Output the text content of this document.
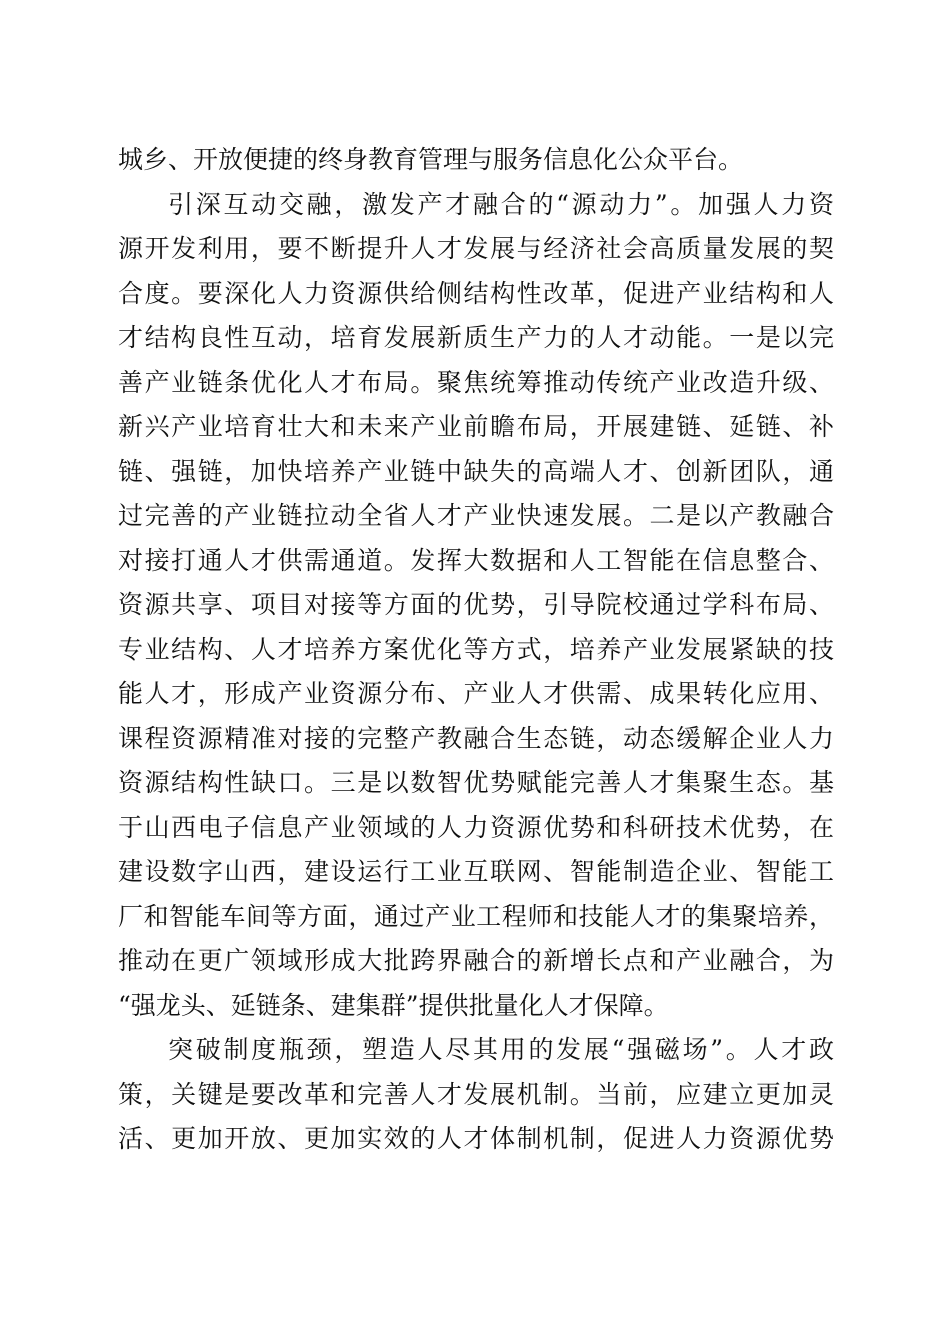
城乡、开放便捷的终身教育管理与服务信息化公众平台。
引深互动交融，激发产才融合的“源动力”。加强人力资
源开发利用，要不断提升人才发展与经济社会高质量发展的契
合度。要深化人力资源供给侧结构性改革，促进产业结构和人
才结构良性互动，培育发展新质生产力的人才动能。一是以完
善产业链条优化人才布局。聚焦统筹推动传统产业改造升级、
新兴产业培育壮大和未来产业前瞻布局，开展建链、延链、补
链、强链，加快培养产业链中缺失的高端人才、创新团队，通
过完善的产业链拉动全省人才产业快速发展。二是以产教融合
对接打通人才供需通道。发挥大数据和人工智能在信息整合、
资源共享、项目对接等方面的优势，引导院校通过学科布局、
专业结构、人才培养方案优化等方式，培养产业发展紧缺的技
能人才，形成产业资源分布、产业人才供需、成果转化应用、
课程资源精准对接的完整产教融合生态链，动态缓解企业人力
资源结构性缺口。三是以数智优势赋能完善人才集聚生态。基
于山西电子信息产业领域的人力资源优势和科研技术优势，在
建设数字山西，建设运行工业互联网、智能制造企业、智能工
厂和智能车间等方面，通过产业工程师和技能人才的集聚培养，
推动在更广领域形成大批跨界融合的新增长点和产业融合，为
“强龙头、延链条、建集群”提供批量化人才保障。
突破制度瓶颈，塑造人尽其用的发展“强磁场”。人才政
策，关键是要改革和完善人才发展机制。当前，应建立更加灵
活、更加开放、更加实效的人才体制机制，促进人力资源优势
